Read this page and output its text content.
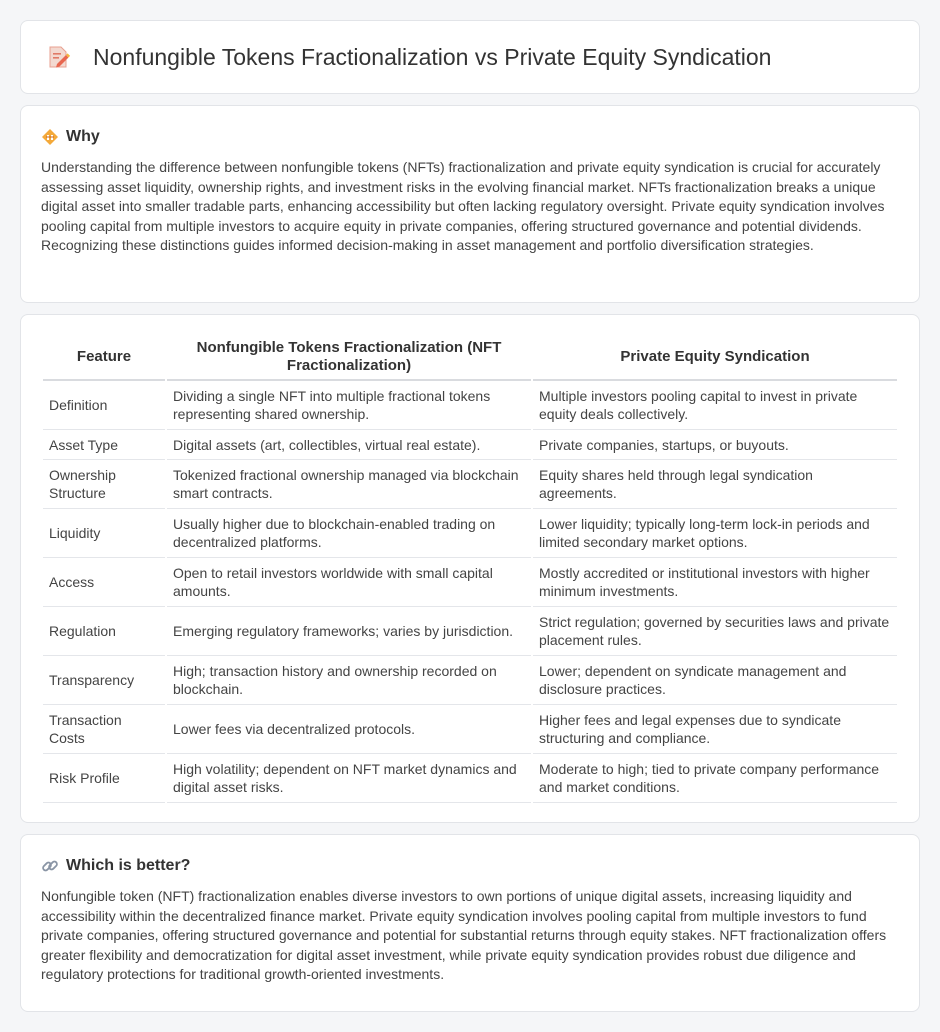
Nonfungible Tokens Fractionalization vs Private Equity Syndication
Why

Understanding the difference between nonfungible tokens (NFTs) fractionalization and private equity syndication is crucial for accurately assessing asset liquidity, ownership rights, and investment risks in the evolving financial market. NFTs fractionalization breaks a unique digital asset into smaller tradable parts, enhancing accessibility but often lacking regulatory oversight. Private equity syndication involves pooling capital from multiple investors to acquire equity in private companies, offering structured governance and potential dividends. Recognizing these distinctions guides informed decision-making in asset management and portfolio diversification strategies.

Feature	Nonfungible Tokens Fractionalization (NFT Fractionalization)	Private Equity Syndication
Definition	Dividing a single NFT into multiple fractional tokens representing shared ownership.	Multiple investors pooling capital to invest in private equity deals collectively.
Asset Type	Digital assets (art, collectibles, virtual real estate).	Private companies, startups, or buyouts.
Ownership Structure	Tokenized fractional ownership managed via blockchain smart contracts.	Equity shares held through legal syndication agreements.
Liquidity	Usually higher due to blockchain-enabled trading on decentralized platforms.	Lower liquidity; typically long-term lock-in periods and limited secondary market options.
Access	Open to retail investors worldwide with small capital amounts.	Mostly accredited or institutional investors with higher minimum investments.
Regulation	Emerging regulatory frameworks; varies by jurisdiction.	Strict regulation; governed by securities laws and private placement rules.
Transparency	High; transaction history and ownership recorded on blockchain.	Lower; dependent on syndicate management and disclosure practices.
Transaction Costs	Lower fees via decentralized protocols.	Higher fees and legal expenses due to syndicate structuring and compliance.
Risk Profile	High volatility; dependent on NFT market dynamics and digital asset risks.	Moderate to high; tied to private company performance and market conditions.
Which is better?

Nonfungible token (NFT) fractionalization enables diverse investors to own portions of unique digital assets, increasing liquidity and accessibility within the decentralized finance market. Private equity syndication involves pooling capital from multiple investors to fund private companies, offering structured governance and potential for substantial returns through equity stakes. NFT fractionalization offers greater flexibility and democratization for digital asset investment, while private equity syndication provides robust due diligence and regulatory protections for traditional growth-oriented investments.
